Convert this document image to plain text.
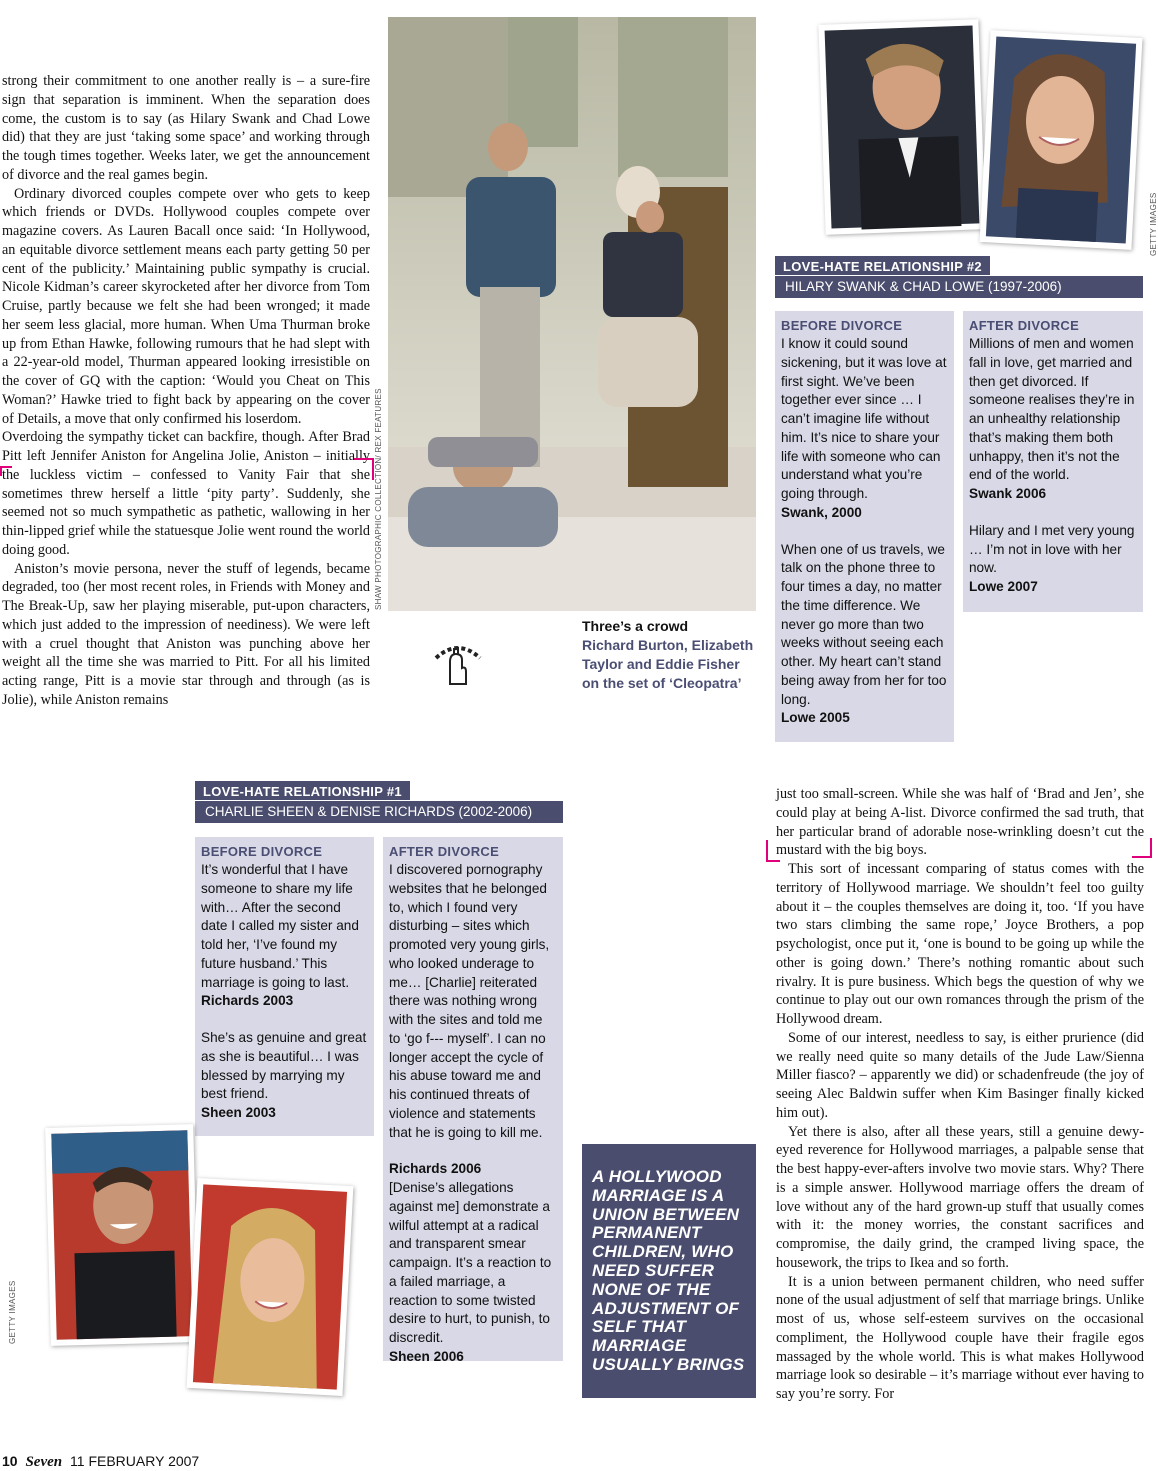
strong their commitment to one another really is – a sure-fire sign that separation is imminent. When the separation does come, the custom is to say (as Hilary Swank and Chad Lowe did) that they are just ‘taking some space’ and working through the tough times together. Weeks later, we get the announcement of divorce and the real games begin.

Ordinary divorced couples compete over who gets to keep which friends or DVDs. Hollywood couples compete over magazine covers. As Lauren Bacall once said: ‘In Hollywood, an equitable divorce settlement means each party getting 50 per cent of the publicity.’ Maintaining public sympathy is crucial. Nicole Kidman’s career skyrocketed after her divorce from Tom Cruise, partly because we felt she had been wronged; it made her seem less glacial, more human. When Uma Thurman broke up from Ethan Hawke, following rumours that he had slept with a 22-year-old model, Thurman appeared looking irresistible on the cover of GQ with the caption: ‘Would you Cheat on This Woman?’ Hawke tried to fight back by appearing on the cover of Details, a move that only confirmed his loserdom.

Overdoing the sympathy ticket can backfire, though. After Brad Pitt left Jennifer Aniston for Angelina Jolie, Aniston – initially the luckless victim – confessed to Vanity Fair that she sometimes threw herself a little ‘pity party’. Suddenly, she seemed not so much sympathetic as pathetic, wallowing in her thin-lipped grief while the statuesque Jolie went round the world doing good.

Aniston’s movie persona, never the stuff of legends, became degraded, too (her most recent roles, in Friends with Money and The Break-Up, saw her playing miserable, put-upon characters, which just added to the impression of neediness). We were left with a cruel thought that Aniston was punching above her weight all the time she was married to Pitt. For all his limited acting range, Pitt is a movie star through and through (as is Jolie), while Aniston remains

SHAW PHOTOGRAPHIC COLLECTION/ REX FEATURES
Three’s a crowd
Richard Burton, Elizabeth Taylor and Eddie Fisher on the set of ‘Cleopatra’
GETTY IMAGES
LOVE-HATE RELATIONSHIP #2
HILARY SWANK & CHAD LOWE (1997-2006)
BEFORE DIVORCE

I know it could sound sickening, but it was love at first sight. We’ve been together ever since … I can’t imagine life without him. It’s nice to share your life with someone who can understand what you’re going through.

Swank, 2000

When one of us travels, we talk on the phone three to four times a day, no matter the time difference. We never go more than two weeks without seeing each other. My heart can’t stand being away from her for too long.

Lowe 2005

AFTER DIVORCE

Millions of men and women fall in love, get married and then get divorced. If someone realises they’re in an unhealthy relationship that’s making them both unhappy, then it’s not the end of the world.

Swank 2006

Hilary and I met very young … I’m not in love with her now.

Lowe 2007

LOVE-HATE RELATIONSHIP #1
CHARLIE SHEEN & DENISE RICHARDS (2002-2006)
BEFORE DIVORCE

It’s wonderful that I have someone to share my life with… After the second date I called my sister and told her, ‘I’ve found my future husband.’ This marriage is going to last.

Richards 2003

She’s as genuine and great as she is beautiful… I was blessed by marrying my best friend.

Sheen 2003

AFTER DIVORCE

I discovered pornography websites that he belonged to, which I found very disturbing – sites which promoted very young girls, who looked underage to me… [Charlie] reiterated there was nothing wrong with the sites and told me to ‘go f--- myself’. I can no longer accept the cycle of his abuse toward me and his continued threats of violence and statements that he is going to kill me.

Richards 2006

[Denise’s allegations against me] demonstrate a wilful attempt at a radical and transparent smear campaign. It’s a reaction to a failed marriage, a reaction to some twisted desire to hurt, to punish, to discredit.

Sheen 2006

GETTY IMAGES
A HOLLYWOOD MARRIAGE IS A UNION BETWEEN PERMANENT CHILDREN, WHO NEED SUFFER NONE OF THE ADJUSTMENT OF SELF THAT MARRIAGE USUALLY BRINGS

just too small-screen. While she was half of ‘Brad and Jen’, she could play at being A-list. Divorce confirmed the sad truth, that her particular brand of adorable nose-wrinkling doesn’t cut the mustard with the big boys.

This sort of incessant comparing of status comes with the territory of Hollywood marriage. We shouldn’t feel too guilty about it – the couples themselves are doing it, too. ‘If you have two stars climbing the same rope,’ Joyce Brothers, a pop psychologist, once put it, ‘one is bound to be going up while the other is going down.’ There’s nothing romantic about such rivalry. It is pure business. Which begs the question of why we continue to play out our own romances through the prism of the Hollywood dream.

Some of our interest, needless to say, is either prurience (did we really need quite so many details of the Jude Law/Sienna Miller fiasco? – apparently we did) or schadenfreude (the joy of seeing Alec Baldwin suffer when Kim Basinger finally kicked him out).

Yet there is also, after all these years, still a genuine dewy-eyed reverence for Hollywood marriages, a palpable sense that the best happy-ever-afters involve two movie stars. Why? There is a simple answer. Hollywood marriage offers the dream of love without any of the hard grown-up stuff that usually comes with it: the money worries, the constant sacrifices and compromise, the daily grind, the cramped living space, the housework, the trips to Ikea and so forth.

It is a union between permanent children, who need suffer none of the usual adjustment of self that marriage brings. Unlike most of us, whose self-esteem survives on the occasional compliment, the Hollywood couple have their fragile egos massaged by the whole world. This is what makes Hollywood marriage look so desirable – it’s marriage without ever having to say you’re sorry. For

10 Seven 11 FEBRUARY 2007
